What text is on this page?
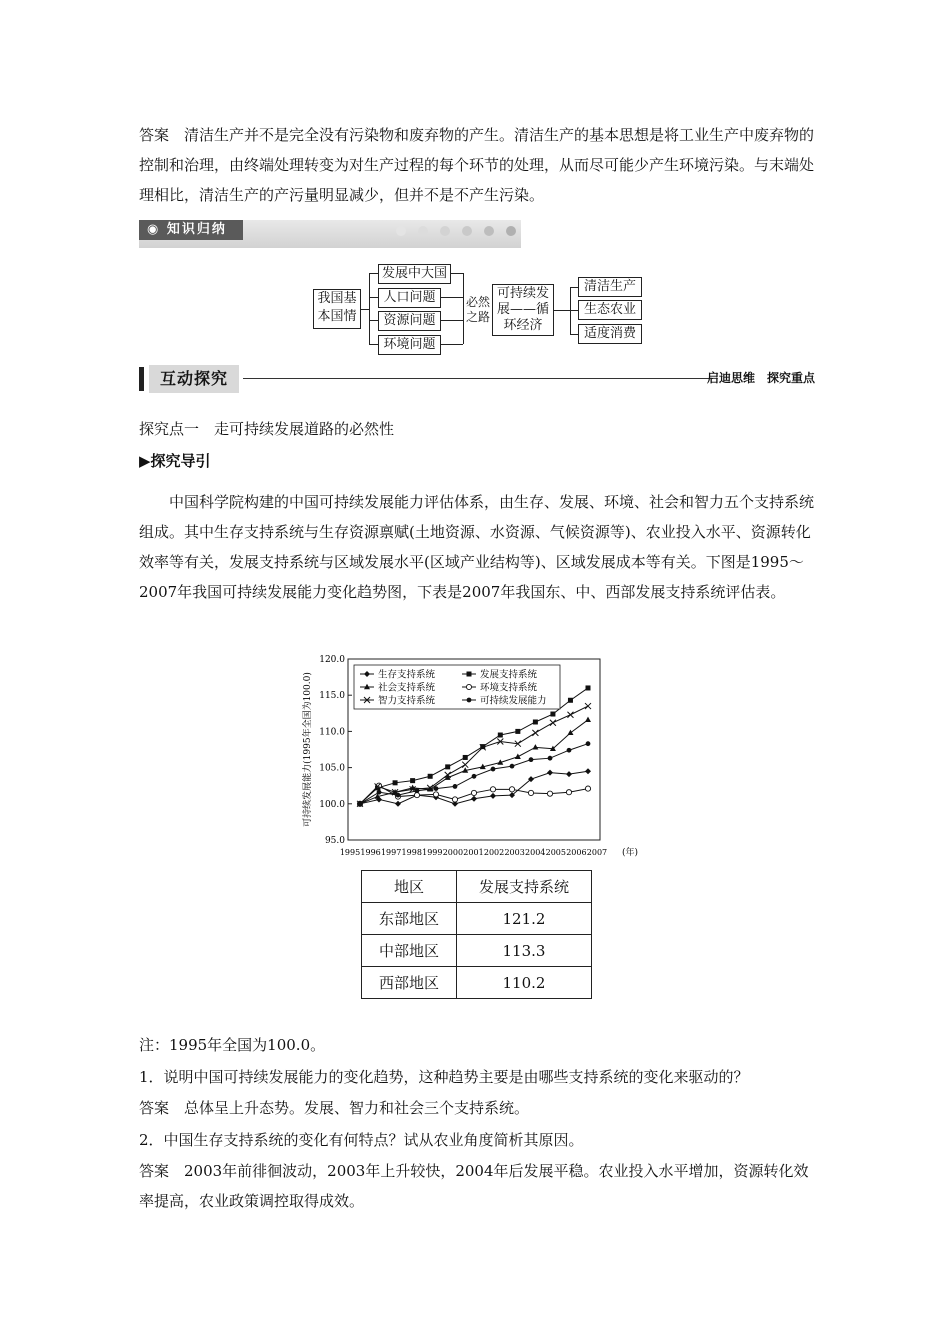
答案　清洁生产并不是完全没有污染物和废弃物的产生。清洁生产的基本思想是将工业生产中废弃物的控制和治理，由终端处理转变为对生产过程的每个环节的处理，从而尽可能少产生环境污染。与末端处理相比，清洁生产的产污量明显减少，但并不是不产生污染。

◉ 知识归纳
我国基
本国情
发展中大国
人口问题
资源问题
环境问题
必然
之路
可持续发
展——循
环经济
清洁生产
生态农业
适度消费
互动探究	启迪思维　探究重点

探究点一　走可持续发展道路的必然性

▶探究导引

中国科学院构建的中国可持续发展能力评估体系，由生存、发展、环境、社会和智力五个支持系统组成。其中生存支持系统与生存资源禀赋(土地资源、水资源、气候资源等)、农业投入水平、资源转化效率等有关，发展支持系统与区域发展水平(区域产业结构等)、区域发展成本等有关。下图是1995～2007年我国可持续发展能力变化趋势图，下表是2007年我国东、中、西部发展支持系统评估表。

95.0
100.0
105.0
110.0
115.0
120.0
1995 1996 1997 1998 1999 2000 2001 2002 2003 2004 2005 2006 2007 (年)
可持续发展能力(1995年全国为100.0)	生存支持系统	发展支持系统
社会支持系统	环境支持系统
智力支持系统	可持续发展能力
地区	发展支持系统
东部地区	121.2
中部地区	113.3
西部地区	110.2

注：1995年全国为100.0。

1．说明中国可持续发展能力的变化趋势，这种趋势主要是由哪些支持系统的变化来驱动的？

答案　总体呈上升态势。发展、智力和社会三个支持系统。

2．中国生存支持系统的变化有何特点？试从农业角度简析其原因。

答案　2003年前徘徊波动，2003年上升较快，2004年后发展平稳。农业投入水平增加，资源转化效率提高，农业政策调控取得成效。
